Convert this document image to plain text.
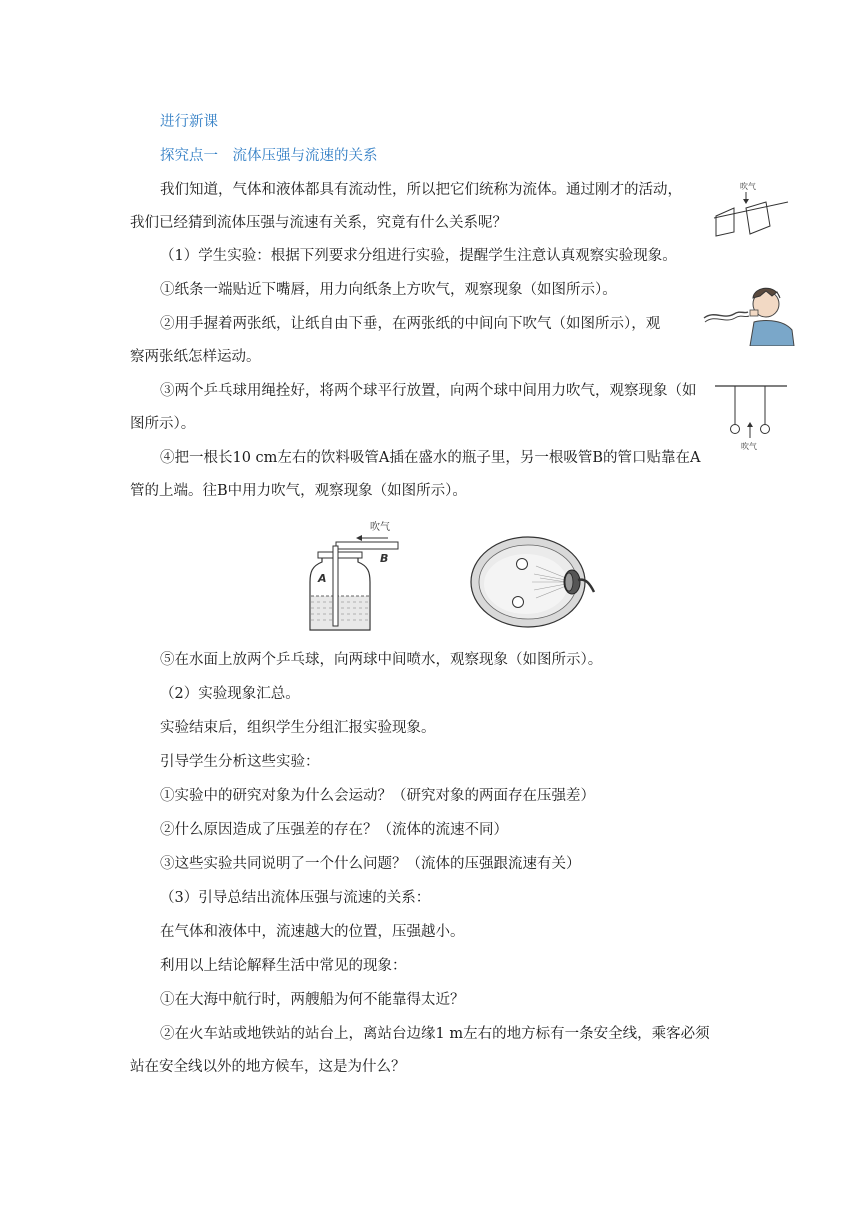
进行新课
探究点一　流体压强与流速的关系
我们知道，气体和液体都具有流动性，所以把它们统称为流体。通过刚才的活动，
我们已经猜到流体压强与流速有关系，究竟有什么关系呢？
（1）学生实验：根据下列要求分组进行实验，提醒学生注意认真观察实验现象。
①纸条一端贴近下嘴唇，用力向纸条上方吹气，观察现象（如图所示）。
②用手握着两张纸，让纸自由下垂，在两张纸的中间向下吹气（如图所示），观
察两张纸怎样运动。
③两个乒乓球用绳拴好，将两个球平行放置，向两个球中间用力吹气，观察现象（如
图所示）。
④把一根长10 cm左右的饮料吸管A插在盛水的瓶子里，另一根吸管B的管口贴靠在A
管的上端。往B中用力吹气，观察现象（如图所示）。
⑤在水面上放两个乒乓球，向两球中间喷水，观察现象（如图所示）。
（2）实验现象汇总。
实验结束后，组织学生分组汇报实验现象。
引导学生分析这些实验：
①实验中的研究对象为什么会运动？（研究对象的两面存在压强差）
②什么原因造成了压强差的存在？（流体的流速不同）
③这些实验共同说明了一个什么问题？（流体的压强跟流速有关）
（3）引导总结出流体压强与流速的关系：
在气体和液体中，流速越大的位置，压强越小。
利用以上结论解释生活中常见的现象：
①在大海中航行时，两艘船为何不能靠得太近？
②在火车站或地铁站的站台上，离站台边缘1 m左右的地方标有一条安全线，乘客必须
站在安全线以外的地方候车，这是为什么？
吹气
吹气
吹气
B
A
